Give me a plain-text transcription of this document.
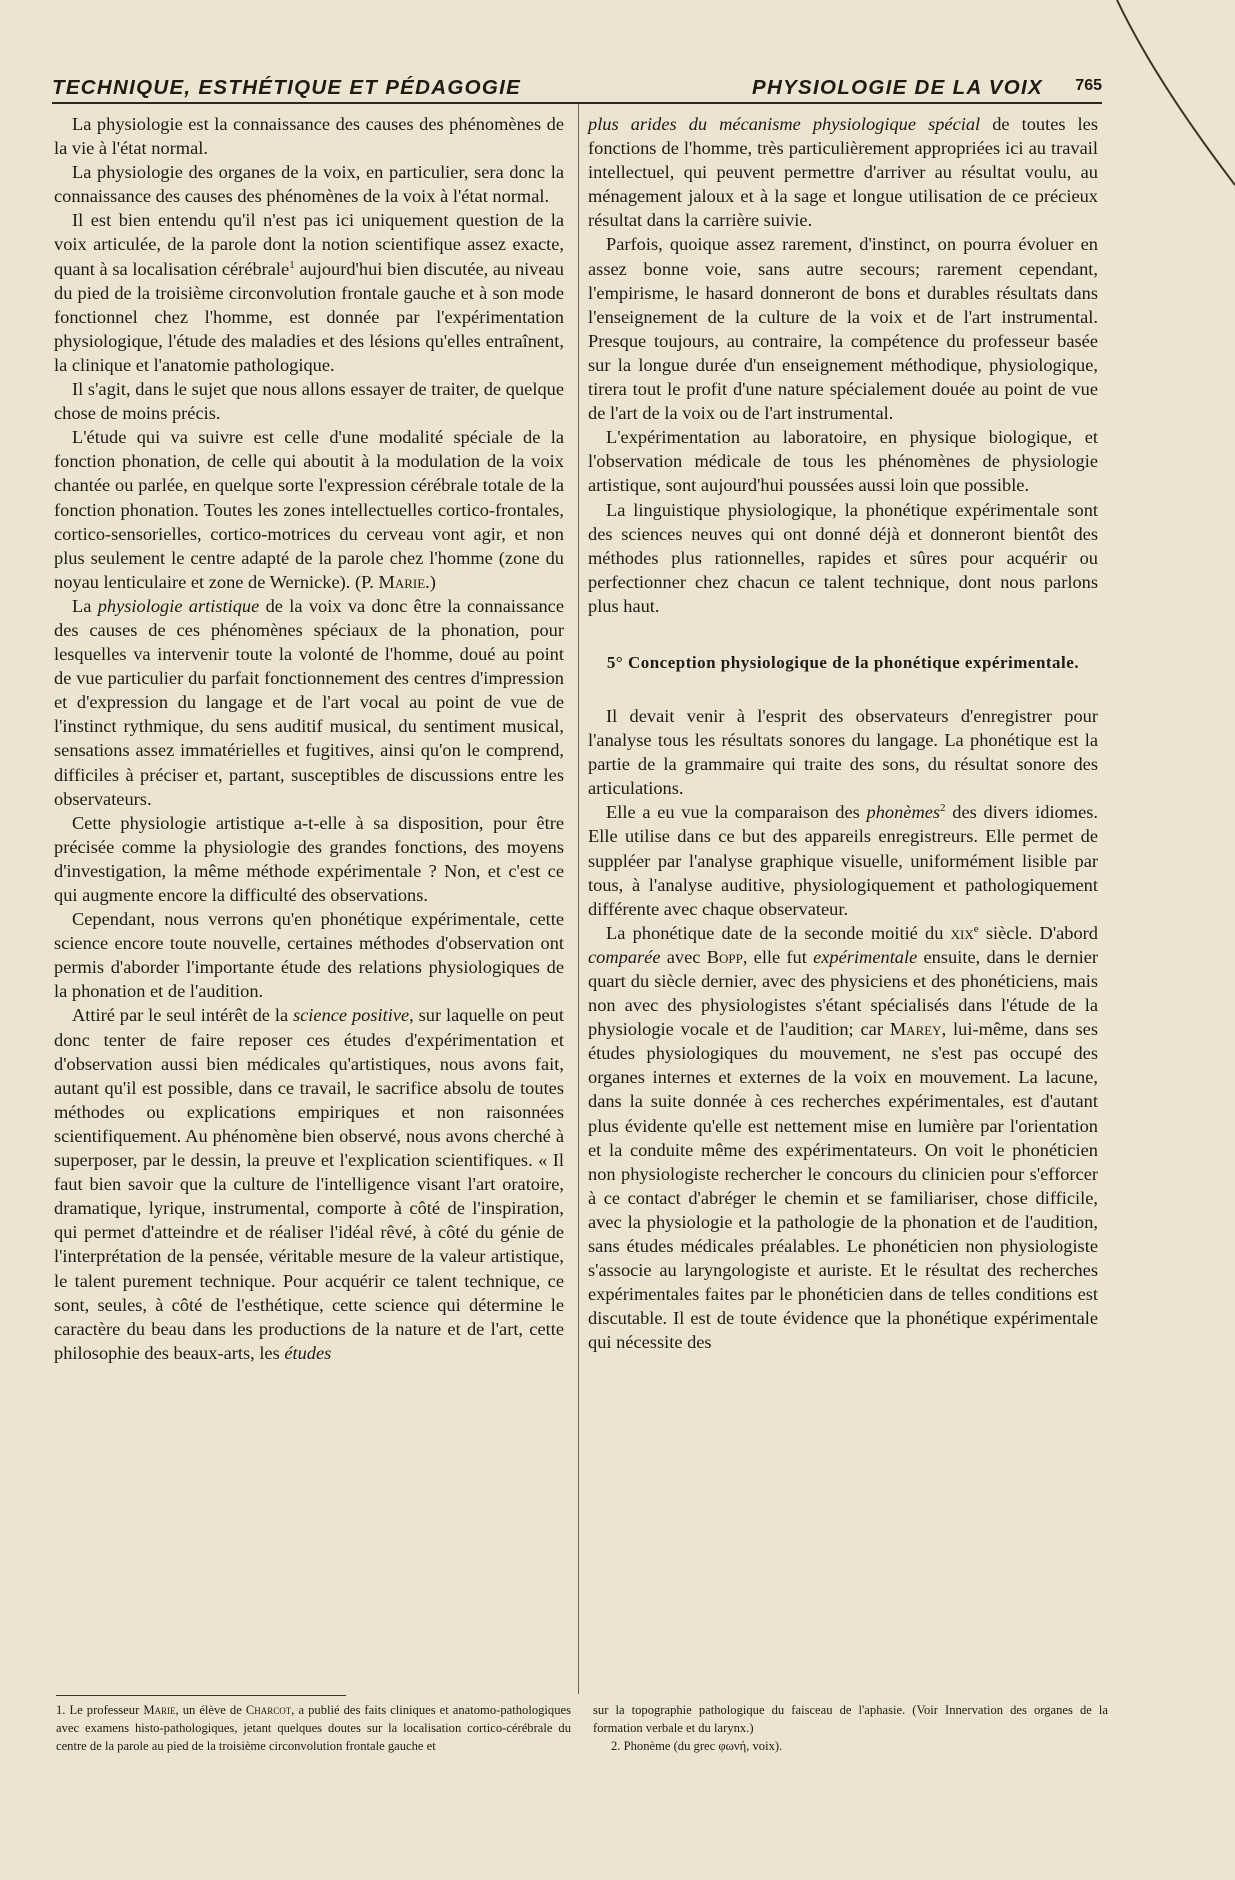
TECHNIQUE, ESTHÉTIQUE ET PÉDAGOGIE	PHYSIOLOGIE DE LA VOIX 765

La physiologie est la connaissance des causes des phénomènes de la vie à l'état normal.

La physiologie des organes de la voix, en particulier, sera donc la connaissance des causes des phénomènes de la voix à l'état normal.

Il est bien entendu qu'il n'est pas ici uniquement question de la voix articulée, de la parole dont la notion scientifique assez exacte, quant à sa localisation cérébrale$^1$ aujourd'hui bien discutée, au niveau du pied de la troisième circonvolution frontale gauche et à son mode fonctionnel chez l'homme, est donnée par l'expérimentation physiologique, l'étude des maladies et des lésions qu'elles entraînent, la clinique et l'anatomie pathologique.

Il s'agit, dans le sujet que nous allons essayer de traiter, de quelque chose de moins précis.

L'étude qui va suivre est celle d'une modalité spéciale de la fonction phonation, de celle qui aboutit à la modulation de la voix chantée ou parlée, en quelque sorte l'expression cérébrale totale de la fonction phonation. Toutes les zones intellectuelles cortico-frontales, cortico-sensorielles, cortico-motrices du cerveau vont agir, et non plus seulement le centre adapté de la parole chez l'homme (zone du noyau lenticulaire et zone de Wernicke). (P. Marie.)

La physiologie artistique de la voix va donc être la connaissance des causes de ces phénomènes spéciaux de la phonation, pour lesquelles va intervenir toute la volonté de l'homme, doué au point de vue particulier du parfait fonctionnement des centres d'impression et d'expression du langage et de l'art vocal au point de vue de l'instinct rythmique, du sens auditif musical, du sentiment musical, sensations assez immatérielles et fugitives, ainsi qu'on le comprend, difficiles à préciser et, partant, susceptibles de discussions entre les observateurs.

Cette physiologie artistique a-t-elle à sa disposition, pour être précisée comme la physiologie des grandes fonctions, des moyens d'investigation, la même méthode expérimentale ? Non, et c'est ce qui augmente encore la difficulté des observations.

Cependant, nous verrons qu'en phonétique expérimentale, cette science encore toute nouvelle, certaines méthodes d'observation ont permis d'aborder l'importante étude des relations physiologiques de la phonation et de l'audition.

Attiré par le seul intérêt de la science positive, sur laquelle on peut donc tenter de faire reposer ces études d'expérimentation et d'observation aussi bien médicales qu'artistiques, nous avons fait, autant qu'il est possible, dans ce travail, le sacrifice absolu de toutes méthodes ou explications empiriques et non raisonnées scientifiquement. Au phénomène bien observé, nous avons cherché à superposer, par le dessin, la preuve et l'explication scientifiques. « Il faut bien savoir que la culture de l'intelligence visant l'art oratoire, dramatique, lyrique, instrumental, comporte à côté de l'inspiration, qui permet d'atteindre et de réaliser l'idéal rêvé, à côté du génie de l'interprétation de la pensée, véritable mesure de la valeur artistique, le talent purement technique. Pour acquérir ce talent technique, ce sont, seules, à côté de l'esthétique, cette science qui détermine le caractère du beau dans les productions de la nature et de l'art, cette philosophie des beaux-arts, les études

plus arides du mécanisme physiologique spécial de toutes les fonctions de l'homme, très particulièrement appropriées ici au travail intellectuel, qui peuvent permettre d'arriver au résultat voulu, au ménagement jaloux et à la sage et longue utilisation de ce précieux résultat dans la carrière suivie.

Parfois, quoique assez rarement, d'instinct, on pourra évoluer en assez bonne voie, sans autre secours; rarement cependant, l'empirisme, le hasard donneront de bons et durables résultats dans l'enseignement de la culture de la voix et de l'art instrumental. Presque toujours, au contraire, la compétence du professeur basée sur la longue durée d'un enseignement méthodique, physiologique, tirera tout le profit d'une nature spécialement douée au point de vue de l'art de la voix ou de l'art instrumental.

L'expérimentation au laboratoire, en physique biologique, et l'observation médicale de tous les phénomènes de physiologie artistique, sont aujourd'hui poussées aussi loin que possible.

La linguistique physiologique, la phonétique expérimentale sont des sciences neuves qui ont donné déjà et donneront bientôt des méthodes plus rationnelles, rapides et sûres pour acquérir ou perfectionner chez chacun ce talent technique, dont nous parlons plus haut.

5° Conception physiologique de la phonétique expérimentale.

Il devait venir à l'esprit des observateurs d'enregistrer pour l'analyse tous les résultats sonores du langage. La phonétique est la partie de la grammaire qui traite des sons, du résultat sonore des articulations.

Elle a eu vue la comparaison des phonèmes$^2$ des divers idiomes. Elle utilise dans ce but des appareils enregistreurs. Elle permet de suppléer par l'analyse graphique visuelle, uniformément lisible par tous, à l'analyse auditive, physiologiquement et pathologiquement différente avec chaque observateur.

La phonétique date de la seconde moitié du xix$^e$ siècle. D'abord comparée avec Bopp, elle fut expérimentale ensuite, dans le dernier quart du siècle dernier, avec des physiciens et des phonéticiens, mais non avec des physiologistes s'étant spécialisés dans l'étude de la physiologie vocale et de l'audition; car Marey, lui-même, dans ses études physiologiques du mouvement, ne s'est pas occupé des organes internes et externes de la voix en mouvement. La lacune, dans la suite donnée à ces recherches expérimentales, est d'autant plus évidente qu'elle est nettement mise en lumière par l'orientation et la conduite même des expérimentateurs. On voit le phonéticien non physiologiste rechercher le concours du clinicien pour s'efforcer à ce contact d'abréger le chemin et se familiariser, chose difficile, avec la physiologie et la pathologie de la phonation et de l'audition, sans études médicales préalables. Le phonéticien non physiologiste s'associe au laryngologiste et auriste. Et le résultat des recherches expérimentales faites par le phonéticien dans de telles conditions est discutable. Il est de toute évidence que la phonétique expérimentale qui nécessite des

1. Le professeur Marie, un élève de Charcot, a publié des faits cliniques et anatomo-pathologiques avec examens histo-pathologiques, jetant quelques doutes sur la localisation cortico-cérébrale du centre de la parole au pied de la troisième circonvolution frontale gauche et

sur la topographie pathologique du faisceau de l'aphasie. (Voir Innervation des organes de la formation verbale et du larynx.)

2. Phonème (du grec φωνή, voix).
